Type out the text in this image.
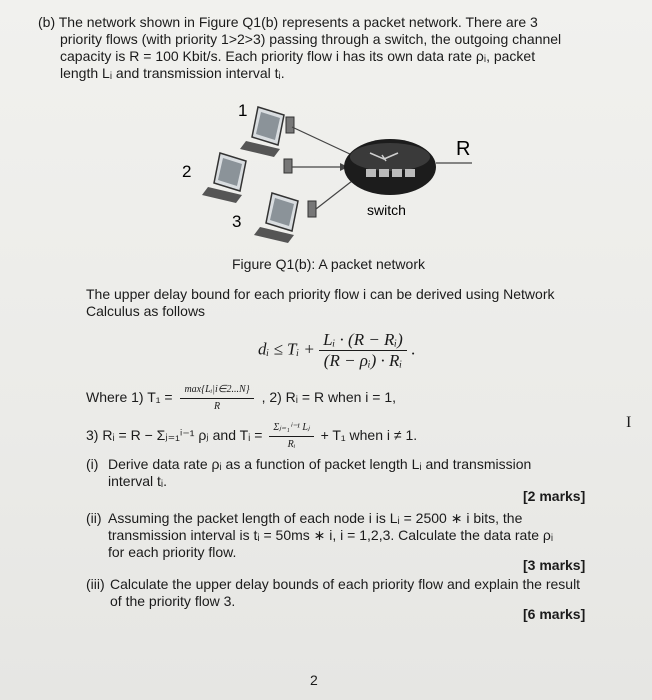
(b) The network shown in Figure Q1(b) represents a packet network. There are 3
priority flows (with priority 1>2>3) passing through a switch, the outgoing channel
capacity is R = 100 Kbit/s. Each priority flow i has its own data rate ρᵢ, packet
length Lᵢ and transmission interval tᵢ.
1
2
3
R
switch
Figure Q1(b): A packet network
The upper delay bound for each priority flow i can be derived using Network
Calculus as follows
dᵢ ≤ Tᵢ + $\frac{\text{Lᵢ · (R − Rᵢ)}}{\text{(R − ρᵢ) · Rᵢ}}$ .
Where 1) $T_1 = \frac{\text{max\{Lᵢ|i∈2...N\}}}{R}$ , 2) Rᵢ = R when i = 1,
3) Rᵢ = R − Σⱼ₌₁ⁱ⁻¹ ρⱼ and Tᵢ = $\frac{\text{Σⱼ₌₁ⁱ⁻¹ Lⱼ}}{\text{Rᵢ}} + T_1$ when i ≠ 1.
I
(i) Derive data rate ρᵢ as a function of packet length Lᵢ and transmission
interval tᵢ.
[2 marks]
(ii) Assuming the packet length of each node i is Lᵢ = 2500 ∗ i bits, the
transmission interval is tᵢ = 50ms ∗ i, i = 1,2,3. Calculate the data rate ρᵢ
for each priority flow.
[3 marks]
(iii) Calculate the upper delay bounds of each priority flow and explain the result
of the priority flow 3.
[6 marks]
2
